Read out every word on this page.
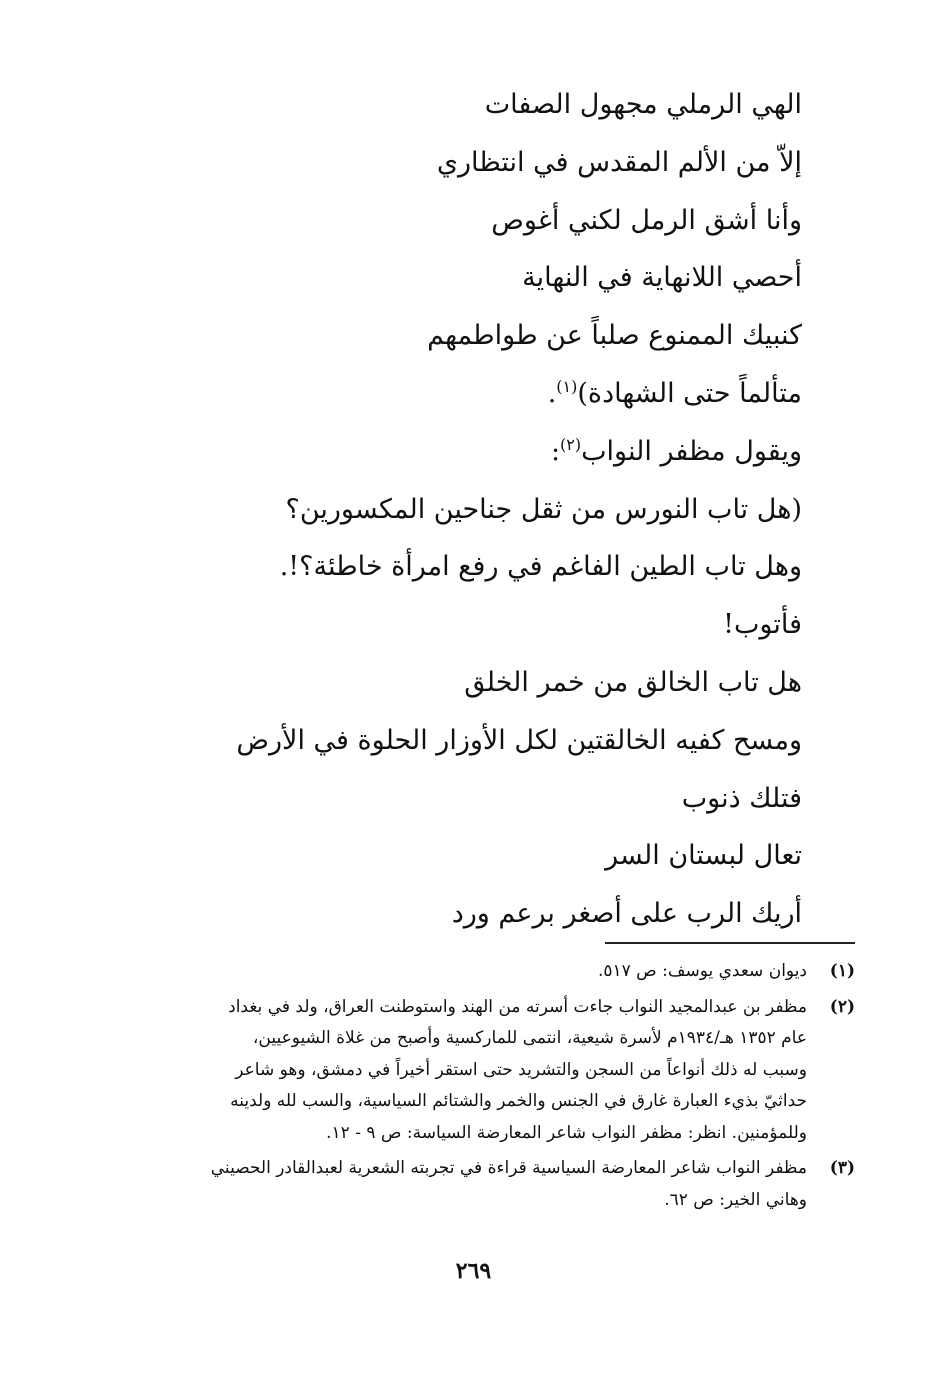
الهي الرملي مجهول الصفات
إلاّ من الألم المقدس في انتظاري
وأنا أشق الرمل لكني أغوص
أحصي اللانهاية في النهاية
كنبيك الممنوع صلباً عن طواطمهم
متألماً حتى الشهادة)$^{(١)}$.
ويقول مظفر النواب$^{(٢)}$:
(هل تاب النورس من ثقل جناحين المكسورين؟
وهل تاب الطين الفاغم في رفع امرأة خاطئة؟!.
فأتوب!
هل تاب الخالق من خمر الخلق
ومسح كفيه الخالقتين لكل الأوزار الحلوة في الأرض
فتلك ذنوب
تعال لبستان السر
أريك الرب على أصغر برعم ورد
(١)

ديوان سعدي يوسف: ص ٥١٧.

(٢)

مظفر بن عبدالمجيد النواب جاءت أسرته من الهند واستوطنت العراق، ولد في بغداد

عام ١٣٥٢ هـ/١٩٣٤م لأسرة شيعية، انتمى للماركسية وأصبح من غلاة الشيوعيين،

وسبب له ذلك أنواعاً من السجن والتشريد حتى استقر أخيراً في دمشق، وهو شاعر

حداثيّ بذيء العبارة غارق في الجنس والخمر والشتائم السياسية، والسب لله ولدينه

وللمؤمنين. انظر: مظفر النواب شاعر المعارضة السياسة: ص ٩ - ١٢.

(٣)

مظفر النواب شاعر المعارضة السياسية قراءة في تجربته الشعرية لعبدالقادر الحصيني

وهاني الخير: ص ٦٢.

٢٦٩
